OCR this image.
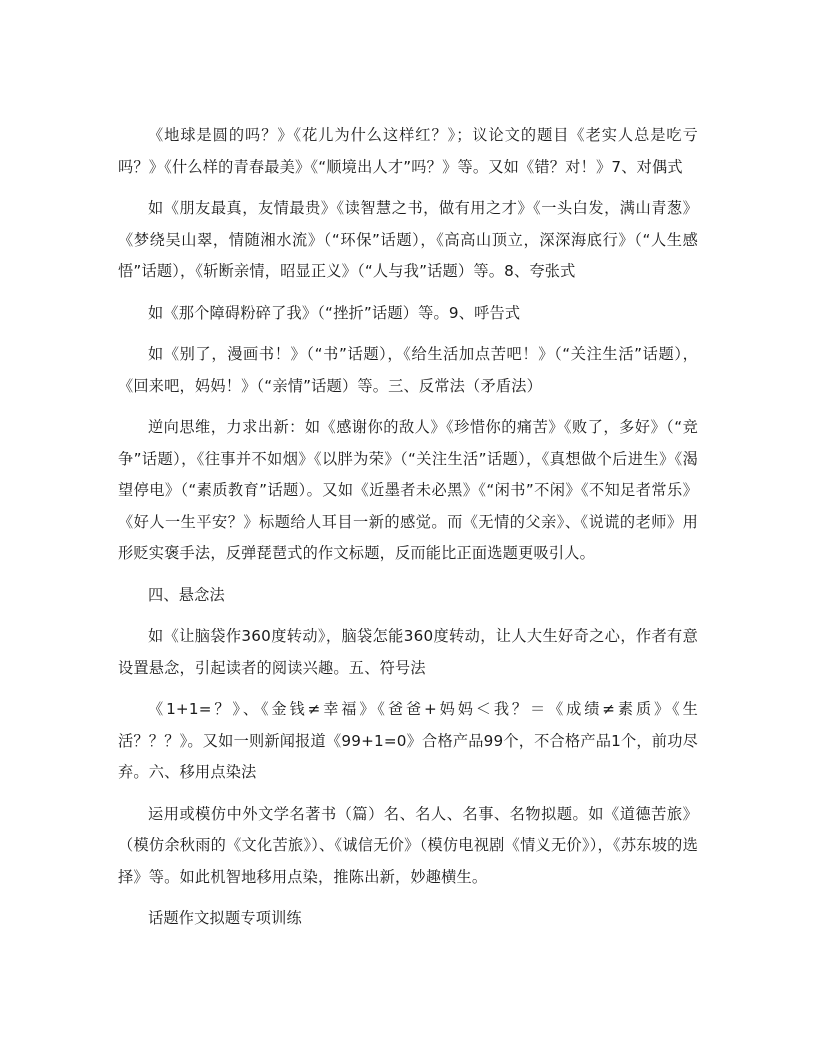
《地球是圆的吗？》《花儿为什么这样红？》；议论文的题目《老实人总是吃亏吗？》《什么样的青春最美》《“顺境出人才”吗？》等。又如《错？对！》7、对偶式

如《朋友最真，友情最贵》《读智慧之书，做有用之才》《一头白发，满山青葱》《梦绕吴山翠，情随湘水流》（“环保”话题），《高高山顶立，深深海底行》（“人生感悟”话题），《斩断亲情，昭显正义》（“人与我”话题）等。8、夸张式

如《那个障碍粉碎了我》（“挫折”话题）等。9、呼告式

如《别了，漫画书！》（“书”话题），《给生活加点苦吧！》（“关注生活”话题），《回来吧，妈妈！》（“亲情”话题）等。三、反常法（矛盾法）

逆向思维，力求出新：如《感谢你的敌人》《珍惜你的痛苦》《败了，多好》（“竞争”话题），《往事并不如烟》《以胖为荣》（“关注生活”话题），《真想做个后进生》《渴望停电》（“素质教育”话题）。又如《近墨者未必黑》《“闲书”不闲》《不知足者常乐》《好人一生平安？》标题给人耳目一新的感觉。而《无情的父亲》、《说谎的老师》用形贬实褒手法，反弹琵琶式的作文标题，反而能比正面选题更吸引人。

四、悬念法

如《让脑袋作360度转动》，脑袋怎能360度转动，让人大生好奇之心，作者有意设置悬念，引起读者的阅读兴趣。五、符号法

《1+1=？》、《金钱≠幸福》《爸爸+妈妈＜我？＝《成绩≠素质》《生活？？？》。又如一则新闻报道《99+1=0》合格产品99个，不合格产品1个，前功尽弃。六、移用点染法

运用或模仿中外文学名著书（篇）名、名人、名事、名物拟题。如《道德苦旅》（模仿余秋雨的《文化苦旅》）、《诚信无价》（模仿电视剧《情义无价》），《苏东坡的选择》等。如此机智地移用点染，推陈出新，妙趣横生。

话题作文拟题专项训练
